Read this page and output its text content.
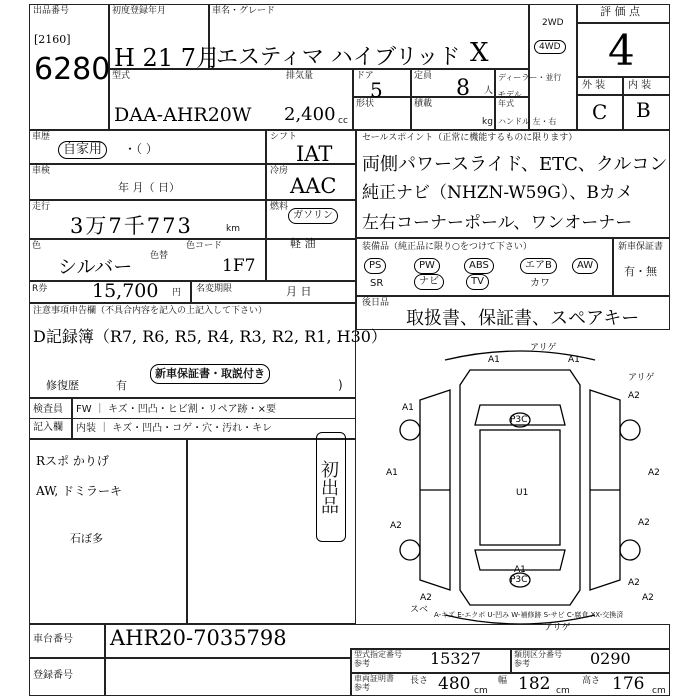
出品番号
[2160]
6280
初度登録年月
H 21 7月
車名・グレード
エスティマ ハイブリッド X
2WD
4WD
評 価 点
4
型式
DAA-AHR20W
排気量
2,400 cc
ドア
5
形状
定員 8 人
積載
kg
ディーラー・並行
モデル 年式
ハンドル 左・右
外 装 内 装
C B
車歴
自家用	・（ ）
車検
年 月（ 日）
走行
3万7千773	km
色
シルバー 色替
色コード
1F7
シフト
IAT
冷房
AAC
燃料
ガソリン
軽 油
R券 15,700 円 名変期限	月 日
セールスポイント（正常に機能するものに限ります）
両側パワースライド、ETC、クルコン
純正ナビ（NHZN-W59G）、Bカメ
左右コーナーポール、ワンオーナー
装備品（純正品に限り○をつけて下さい）	新車保証書
有・無
PS	PW	ABS	エアB	AW
SR	ナビ	TV	カワ
後日品
取扱書、保証書、スペアキー
注意事項申告欄（不具合内容を記入の上記入して下さい）
D記録簿（R7, R6, R5, R4, R3, R2, R1, H30）
修復歴	有
新車保証書・取説付き
)
検査員
記入欄
FW ｜ キズ・凹凸・ヒビ割・リペア跡・×要
内装 ｜ キズ・凹凸・コゲ・穴・汚れ・キレ
Rスポ かりげ
AW, ドミラーキ
石ぼ多
初出品
A1	A1
A2
A2
A1
A2	A2
A2
A1
P3C
U1
A1
P3C
A2
スベ
A2
アリゲ
アリゲ
アリゲ
A-キズ E-エクボ U-凹み W-補修跡 S-サビ C-腐食 XX-交換済
車台番号 AHR20-7035798
登録番号
型式指定番号 参考	15327	類別区分番号 参考	0290
車両証明書 参考
長さ 480 cm
幅 182 cm
高さ 176 cm
